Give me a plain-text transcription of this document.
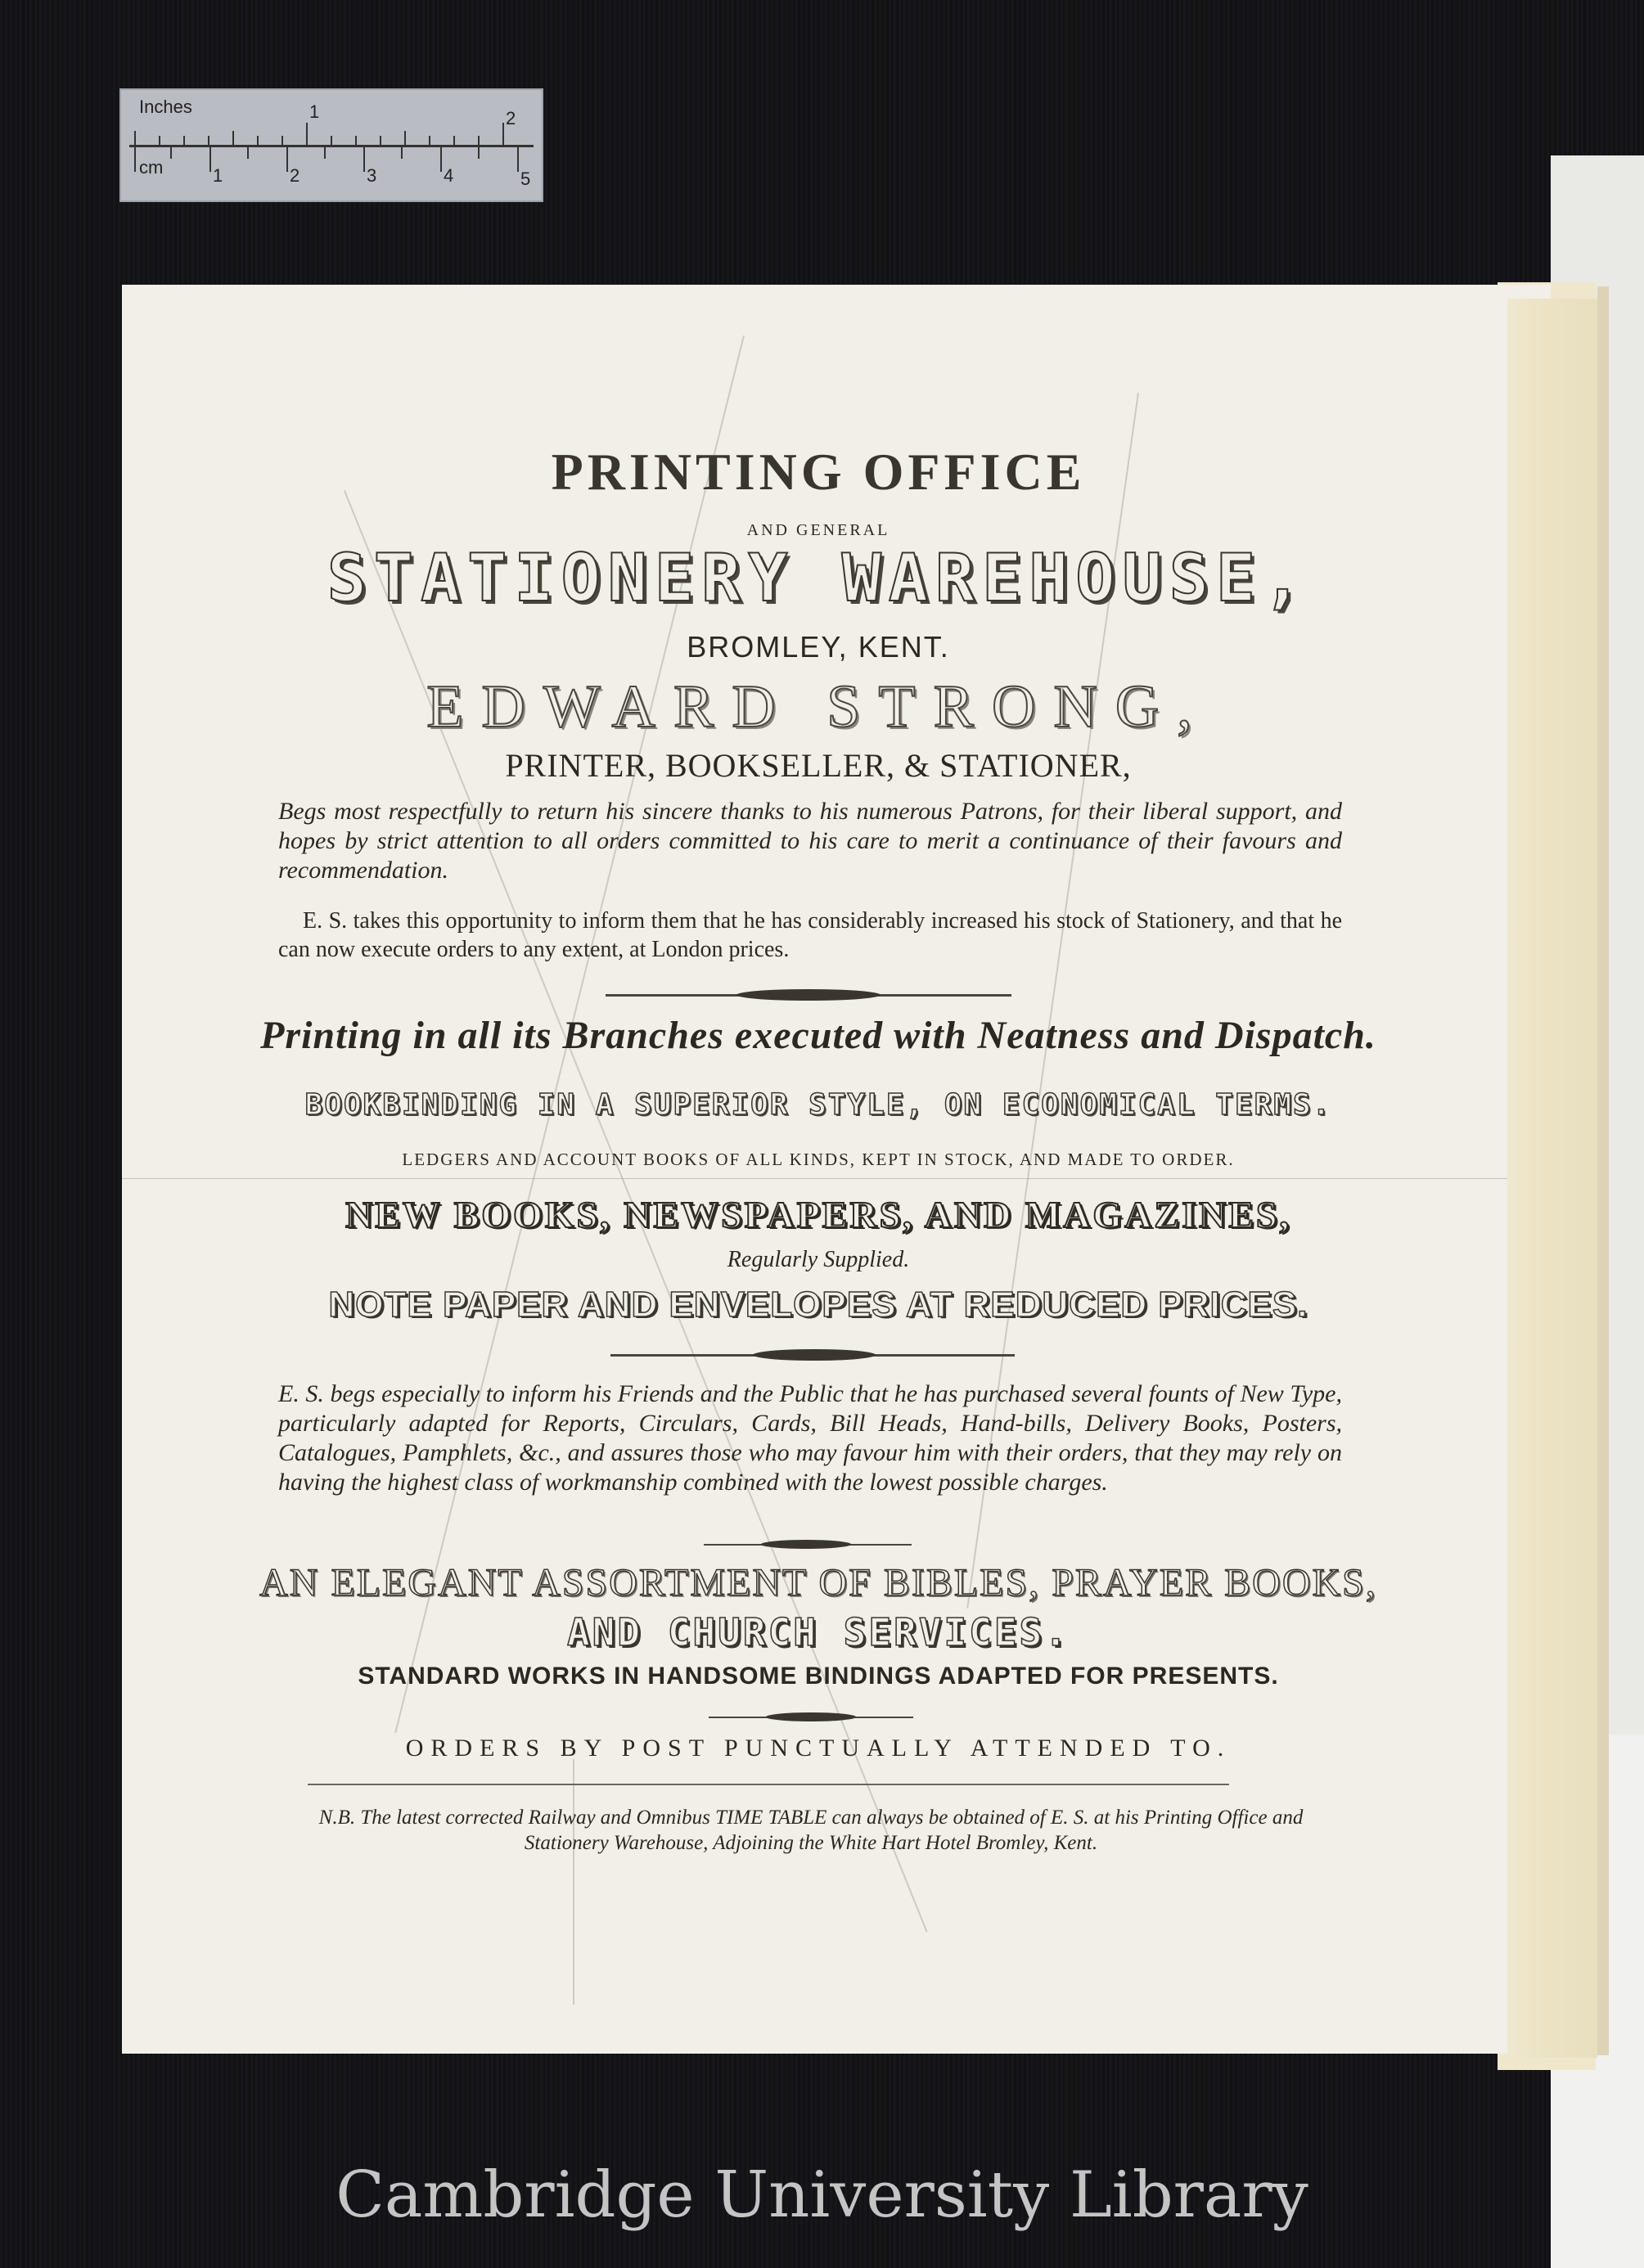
Inches	1	2
cm	1	2	3	4	5
PRINTING OFFICE
AND GENERAL
STATIONERY WAREHOUSE,
BROMLEY, KENT.
EDWARD STRONG,
PRINTER, BOOKSELLER, & STATIONER,
Begs most respectfully to return his sincere thanks to his numerous Patrons, for their liberal support, and hopes by strict attention to all orders committed to his care to merit a continuance of their favours and recommendation.
E. S. takes this opportunity to inform them that he has considerably increased his stock of Stationery, and that he can now execute orders to any extent, at London prices.
Printing in all its Branches executed with Neatness and Dispatch.
BOOKBINDING IN A SUPERIOR STYLE, ON ECONOMICAL TERMS.
LEDGERS AND ACCOUNT BOOKS OF ALL KINDS, KEPT IN STOCK, AND MADE TO ORDER.
NEW BOOKS, NEWSPAPERS, AND MAGAZINES,
Regularly Supplied.
NOTE PAPER AND ENVELOPES AT REDUCED PRICES.
E. S. begs especially to inform his Friends and the Public that he has purchased several founts of New Type, particularly adapted for Reports, Circulars, Cards, Bill Heads, Hand-bills, Delivery Books, Posters, Catalogues, Pamphlets, &c., and assures those who may favour him with their orders, that they may rely on having the highest class of workmanship combined with the lowest possible charges.
AN ELEGANT ASSORTMENT OF BIBLES, PRAYER BOOKS,
AND CHURCH SERVICES.
STANDARD WORKS IN HANDSOME BINDINGS ADAPTED FOR PRESENTS.
ORDERS BY POST PUNCTUALLY ATTENDED TO.
N.B. The latest corrected Railway and Omnibus TIME TABLE can always be obtained of E. S. at his Printing Office and Stationery Warehouse, Adjoining the White Hart Hotel Bromley, Kent.
Cambridge University Library
